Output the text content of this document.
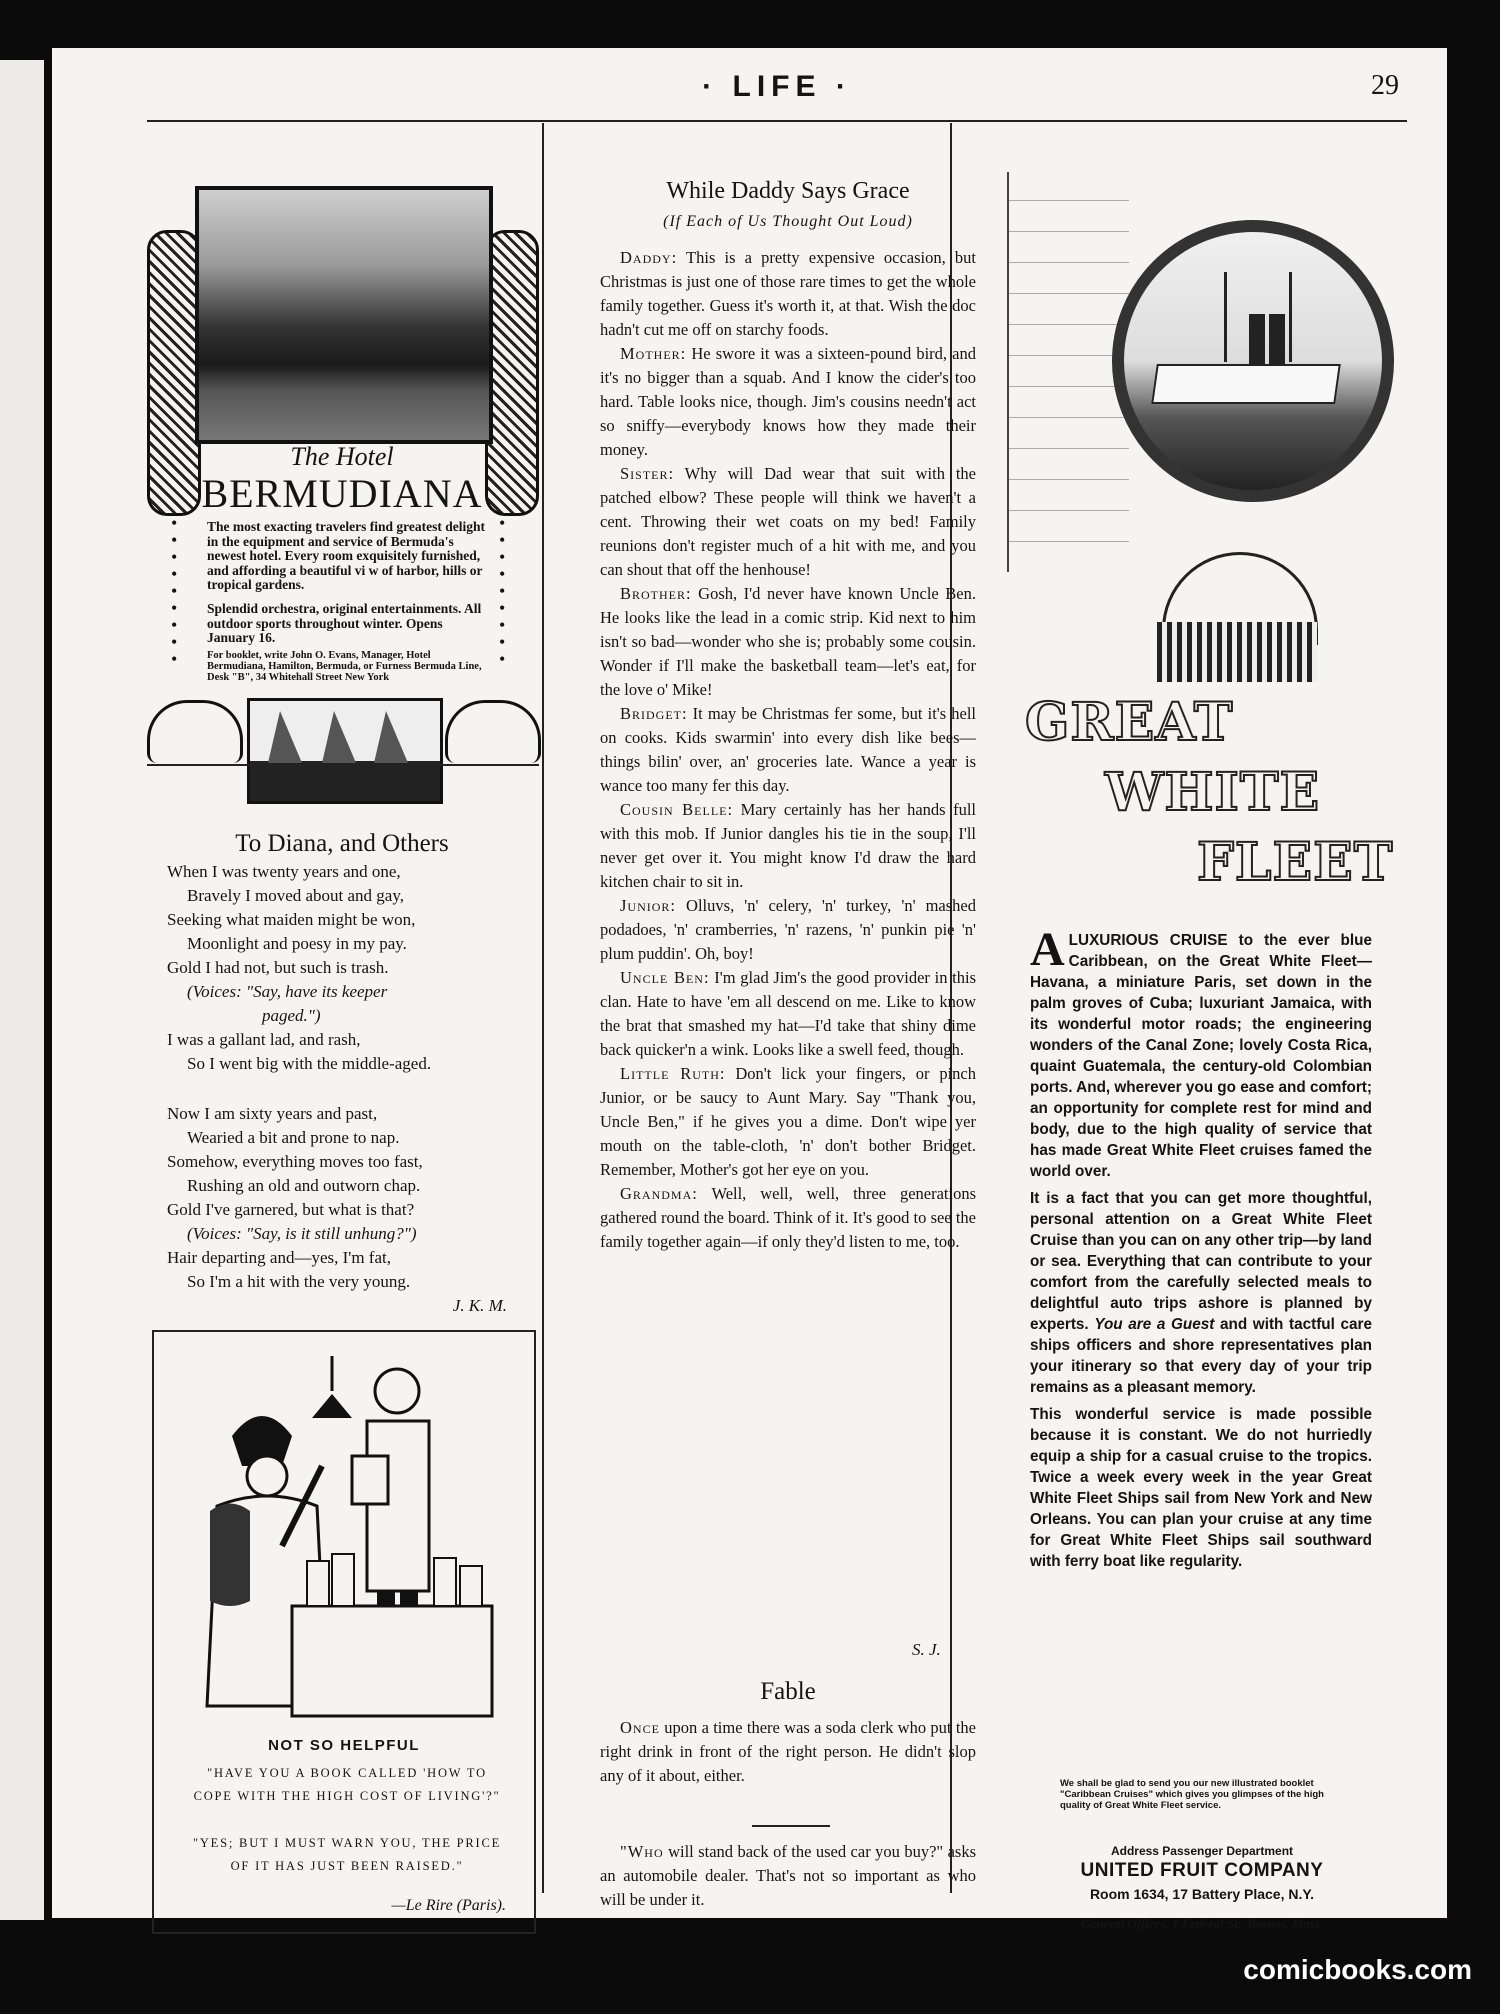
· LIFE ·	29
The Hotel
BERMUDIANA
•
•
•
•
•
•
•
•
•
•
•
•
•
•
•
•
•
•
The most exacting travelers find greatest delight in the equipment and service of Bermuda's newest hotel. Every room exquisitely furnished, and affording a beautiful vi w of harbor, hills or tropical gardens.
Splendid orchestra, original entertainments. All outdoor sports throughout winter. Opens January 16.
For booklet, write John O. Evans, Manager, Hotel Bermudiana, Hamilton, Bermuda, or Furness Bermuda Line, Desk "B", 34 Whitehall Street New York
To Diana, and Others
When I was twenty years and one,
Bravely I moved about and gay,
Seeking what maiden might be won,
Moonlight and poesy in my pay.
Gold I had not, but such is trash.
(Voices: "Say, have its keeper
paged.")
I was a gallant lad, and rash,
So I went big with the middle-aged.
Now I am sixty years and past,
Wearied a bit and prone to nap.
Somehow, everything moves too fast,
Rushing an old and outworn chap.
Gold I've garnered, but what is that?
(Voices: "Say, is it still unhung?")
Hair departing and—yes, I'm fat,
So I'm a hit with the very young.
J. K. M.
NOT SO HELPFUL
"HAVE YOU A BOOK CALLED 'HOW TO COPE WITH THE HIGH COST OF LIVING'?"
"YES; BUT I MUST WARN YOU, THE PRICE OF IT HAS JUST BEEN RAISED."
—Le Rire (Paris).
While Daddy Says Grace
(If Each of Us Thought Out Loud)

Daddy: This is a pretty expensive occasion, but Christmas is just one of those rare times to get the whole family together. Guess it's worth it, at that. Wish the doc hadn't cut me off on starchy foods.

Mother: He swore it was a sixteen-pound bird, and it's no bigger than a squab. And I know the cider's too hard. Table looks nice, though. Jim's cousins needn't act so sniffy—everybody knows how they made their money.

Sister: Why will Dad wear that suit with the patched elbow? These people will think we haven't a cent. Throwing their wet coats on my bed! Family reunions don't register much of a hit with me, and you can shout that off the henhouse!

Brother: Gosh, I'd never have known Uncle Ben. He looks like the lead in a comic strip. Kid next to him isn't so bad—wonder who she is; probably some cousin. Wonder if I'll make the basketball team—let's eat, for the love o' Mike!

Bridget: It may be Christmas fer some, but it's hell on cooks. Kids swarmin' into every dish like bees—things bilin' over, an' groceries late. Wance a year is wance too many fer this day.

Cousin Belle: Mary certainly has her hands full with this mob. If Junior dangles his tie in the soup, I'll never get over it. You might know I'd draw the hard kitchen chair to sit in.

Junior: Olluvs, 'n' celery, 'n' turkey, 'n' mashed podadoes, 'n' cramberries, 'n' razens, 'n' punkin pie 'n' plum puddin'. Oh, boy!

Uncle Ben: I'm glad Jim's the good provider in this clan. Hate to have 'em all descend on me. Like to know the brat that smashed my hat—I'd take that shiny dime back quicker'n a wink. Looks like a swell feed, though.

Little Ruth: Don't lick your fingers, or pinch Junior, or be saucy to Aunt Mary. Say "Thank you, Uncle Ben," if he gives you a dime. Don't wipe yer mouth on the table-cloth, 'n' don't bother Bridget. Remember, Mother's got her eye on you.

Grandma: Well, well, well, three generations gathered round the board. Think of it. It's good to see the family together again—if only they'd listen to me, too.

S. J.
Fable

Once upon a time there was a soda clerk who put the right drink in front of the right person. He didn't slop any of it about, either.

"Who will stand back of the used car you buy?" asks an automobile dealer. That's not so important as who will be under it.

GREAT
WHITE
FLEET

A LUXURIOUS CRUISE to the ever blue Caribbean, on the Great White Fleet—Havana, a miniature Paris, set down in the palm groves of Cuba; luxuriant Jamaica, with its wonderful motor roads; the engineering wonders of the Canal Zone; lovely Costa Rica, quaint Guatemala, the century-old Colombian ports. And, wherever you go ease and comfort; an opportunity for complete rest for mind and body, due to the high quality of service that has made Great White Fleet cruises famed the world over.

It is a fact that you can get more thoughtful, personal attention on a Great White Fleet Cruise than you can on any other trip—by land or sea. Everything that can contribute to your comfort from the carefully selected meals to delightful auto trips ashore is planned by experts. You are a Guest and with tactful care ships officers and shore representatives plan your itinerary so that every day of your trip remains as a pleasant memory.

This wonderful service is made possible because it is constant. We do not hurriedly equip a ship for a casual cruise to the tropics. Twice a week every week in the year Great White Fleet Ships sail from New York and New Orleans. You can plan your cruise at any time for Great White Fleet Ships sail southward with ferry boat like regularity.

We shall be glad to send you our new illustrated booklet "Caribbean Cruises" which gives you glimpses of the high quality of Great White Fleet service.
Address Passenger Department
UNITED FRUIT COMPANY
Room 1634, 17 Battery Place, N.Y.
General Offices, 1 Federal St., Boston, Mass.
comicbooks.com
